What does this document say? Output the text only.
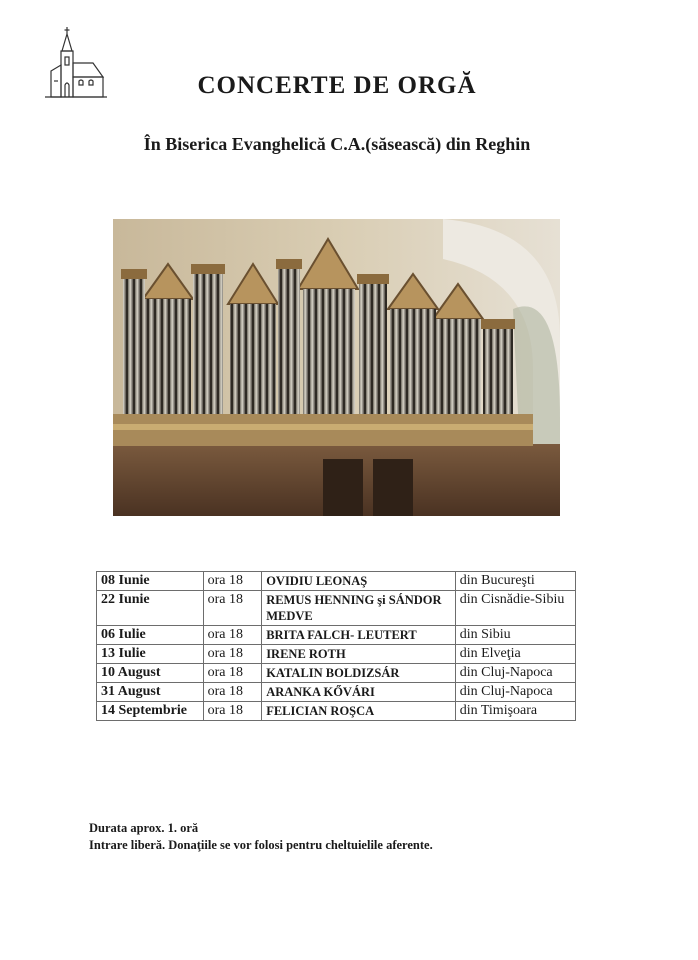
CONCERTE DE ORGĂ
În Biserica Evanghelică C.A.(săsească) din Reghin
08 Iunie	ora 18	OVIDIU LEONAŞ	din Bucureşti
22 Iunie	ora 18	REMUS HENNING şi SÁNDOR MEDVE	din Cisnădie-Sibiu
06 Iulie	ora 18	BRITA FALCH- LEUTERT	din Sibiu
13 Iulie	ora 18	IRENE ROTH	din Elveţia
10 August	ora 18	KATALIN BOLDIZSÁR	din Cluj-Napoca
31 August	ora 18	ARANKA KŐVÁRI	din Cluj-Napoca
14 Septembrie	ora 18	FELICIAN ROŞCA	din Timişoara
Durata aprox. 1. oră
Intrare liberă. Donaţiile se vor folosi pentru cheltuielile aferente.
